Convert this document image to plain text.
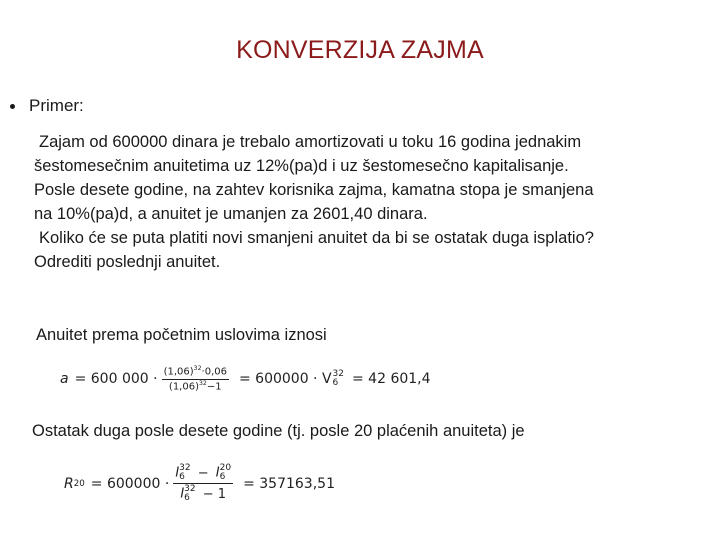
KONVERZIJA ZAJMA
Primer:

Zajam od 600000 dinara je trebalo amortizovati u toku 16 godina jednakim

šestomesečnim anuitetima uz 12%(pa)d i uz šestomesečno kapitalisanje.

Posle desete godine, na zahtev korisnika zajma, kamatna stopa je smanjena

na 10%(pa)d, a anuitet je umanjen za 2601,40 dinara.

Koliko će se puta platiti novi smanjeni anuitet da bi se ostatak duga isplatio?

Odrediti poslednji anuitet.

Anuitet prema početnim uslovima iznosi
a = 600 $000 \cdot \frac{(1,06)^{32}\cdot 0,06}{(1,06)^{32}-1} = 600000 \cdot V$ 32
6 = 42 601,4
Ostatak duga posle desete godine (tj. posle 20 plaćenih anuiteta) je
R 20 = 600000 · I 32
6 − I 20
6
I 32
6 − 1 = 357163,51
